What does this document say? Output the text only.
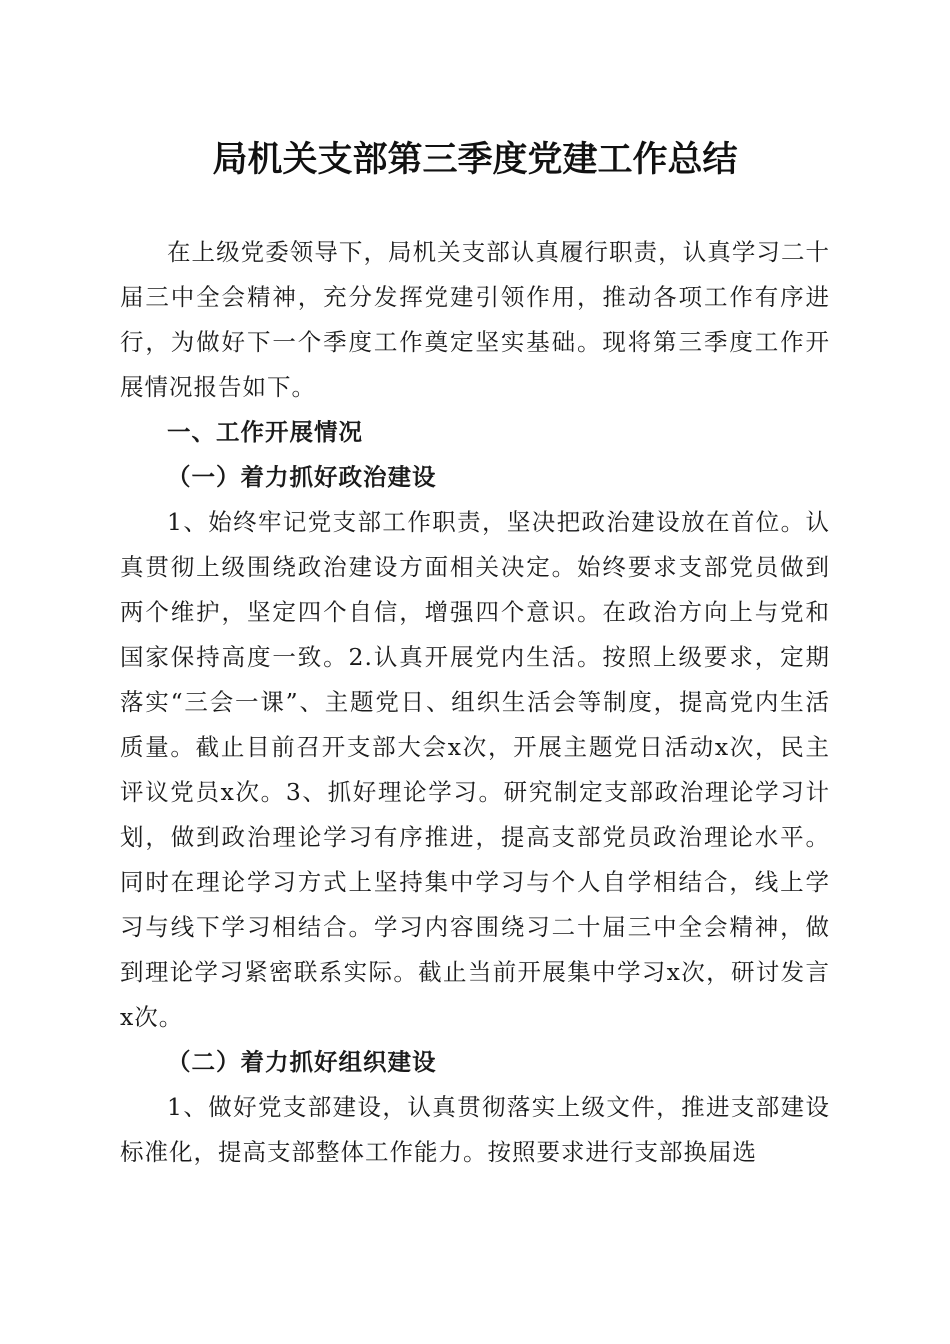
局机关支部第三季度党建工作总结

在上级党委领导下，局机关支部认真履行职责，认真学习二十届三中全会精神，充分发挥党建引领作用，推动各项工作有序进行，为做好下一个季度工作奠定坚实基础。现将第三季度工作开展情况报告如下。

一、工作开展情况

（一）着力抓好政治建设

1、始终牢记党支部工作职责，坚决把政治建设放在首位。认真贯彻上级围绕政治建设方面相关决定。始终要求支部党员做到两个维护，坚定四个自信，增强四个意识。在政治方向上与党和国家保持高度一致。2.认真开展党内生活。按照上级要求，定期落实“三会一课”、主题党日、组织生活会等制度，提高党内生活质量。截止目前召开支部大会x次，开展主题党日活动x次，民主评议党员x次。3、抓好理论学习。研究制定支部政治理论学习计划，做到政治理论学习有序推进，提高支部党员政治理论水平。同时在理论学习方式上坚持集中学习与个人自学相结合，线上学习与线下学习相结合。学习内容围绕习二十届三中全会精神，做到理论学习紧密联系实际。截止当前开展集中学习x次，研讨发言x次。

（二）着力抓好组织建设

1、做好党支部建设，认真贯彻落实上级文件，推进支部建设标准化，提高支部整体工作能力。按照要求进行支部换届选
